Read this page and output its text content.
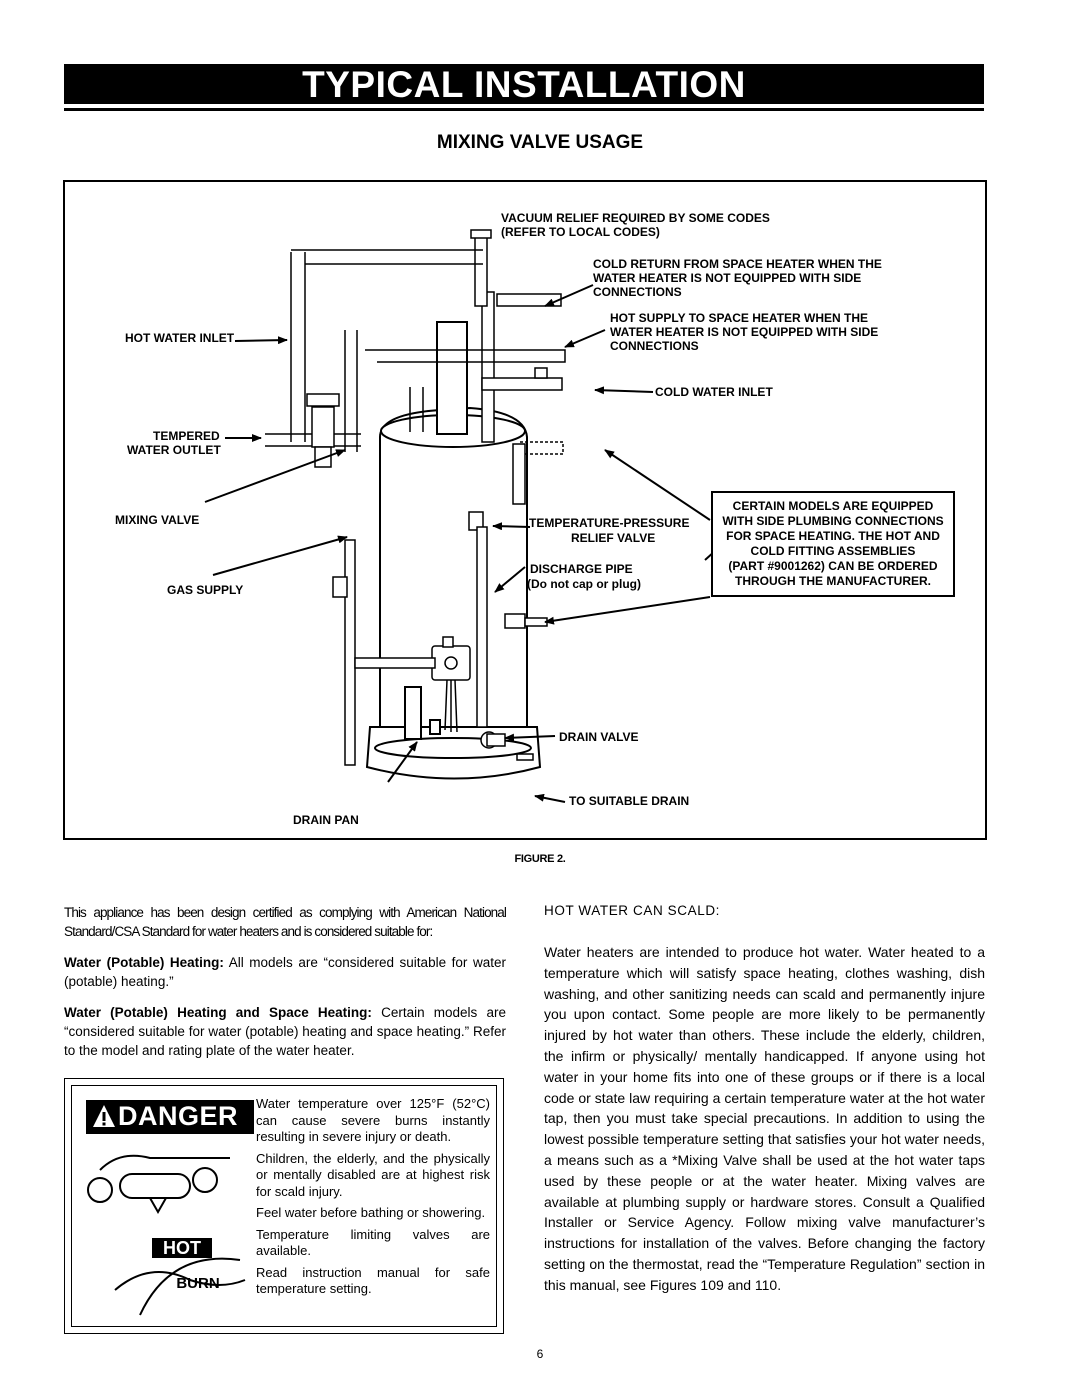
TYPICAL INSTALLATION
MIXING VALVE USAGE
VACUUM RELIEF REQUIRED BY SOME CODES
(REFER TO LOCAL CODES)
COLD RETURN FROM SPACE HEATER WHEN THE
WATER HEATER IS NOT EQUIPPED WITH SIDE
CONNECTIONS
HOT SUPPLY TO SPACE HEATER WHEN THE
WATER HEATER IS NOT EQUIPPED WITH SIDE
CONNECTIONS
HOT WATER INLET
COLD WATER INLET
TEMPERED
WATER OUTLET
MIXING VALVE	TEMPERATURE-PRESSURE
RELIEF VALVE
DISCHARGE PIPE
(Do not cap or plug)
GAS SUPPLY
DRAIN VALVE
TO SUITABLE DRAIN
DRAIN PAN
CERTAIN MODELS ARE EQUIPPED
WITH SIDE PLUMBING CONNECTIONS
FOR SPACE HEATING. THE HOT AND
COLD FITTING ASSEMBLIES
(PART #9001262) CAN BE ORDERED
THROUGH THE MANUFACTURER.
FIGURE 2.

This appliance has been design certified as complying with American National Standard/CSA Standard for water heaters and is considered suitable for:

Water (Potable) Heating: All models are “considered suitable for water (potable) heating.”

Water (Potable) Heating and Space Heating: Certain models are “considered suitable for water (potable) heating and space heating.” Refer to the model and rating plate of the water heater.

DANGER
HOT
BURN

Water temperature over 125°F (52°C) can cause severe burns instantly resulting in severe injury or death.

Children, the elderly, and the physically or mentally disabled are at highest risk for scald injury.

Feel water before bathing or showering.

Temperature limiting valves are available.

Read instruction manual for safe temperature setting.

HOT WATER CAN SCALD:

Water heaters are intended to produce hot water. Water heated to a temperature which will satisfy space heating, clothes washing, dish washing, and other sanitizing needs can scald and permanently injure you upon contact. Some people are more likely to be permanently injured by hot water than others. These include the elderly, children, the infirm or physically/ mentally handicapped. If anyone using hot water in your home fits into one of these groups or if there is a local code or state law requiring a certain temperature water at the hot water tap, then you must take special precautions. In addition to using the lowest possible temperature setting that satisfies your hot water needs, a means such as a *Mixing Valve shall be used at the hot water taps used by these people or at the water heater. Mixing valves are available at plumbing supply or hardware stores. Consult a Qualified Installer or Service Agency. Follow mixing valve manufacturer’s instructions for installation of the valves. Before changing the factory setting on the thermostat, read the “Temperature Regulation” section in this manual, see Figures 109 and 110.

6
